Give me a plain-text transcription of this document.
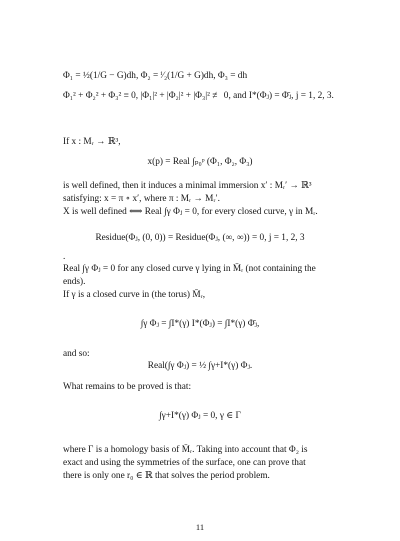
Φ₁ = ½(1/G − G)dh, Φ₂ = ⁱ⁄₂(1/G + G)dh, Φ₃ = dh
Φ₁² + Φ₂² + Φ₃² ≡ 0, |Φ₁|² + |Φ₂|² + |Φ₃|² ≢ 0, and I*(Φⱼ) = Φ̄ⱼ, j = 1, 2, 3.
If x : Mᵣ → ℝ³,
x(p) = Real ∫ₚ₀ᵖ (Φ₁, Φ₂, Φ₃)
is well defined, then it induces a minimal immersion x′ : Mᵣ′ → ℝ³
satisfying: x = π ∘ x′, where π : Mᵣ → Mᵣ′.
X is well defined ⟺ Real ∫γ Φⱼ = 0, for every closed curve, γ in Mᵣ.
Residue(Φⱼ, (0, 0)) = Residue(Φⱼ, (∞, ∞)) = 0, j = 1, 2, 3
.
Real ∫γ Φⱼ = 0 for any closed curve γ lying in M̄ᵣ (not containing the
ends).
If γ is a closed curve in (the torus) M̄ᵣ,
∫γ Φⱼ = ∫I*(γ) I*(Φⱼ) = ∫I*(γ) Φ̄ⱼ,
and so:
Real(∫γ Φⱼ) = ½ ∫γ+I*(γ) Φⱼ.
What remains to be proved is that:
∫γ+I*(γ) Φⱼ = 0, γ ∈ Γ
where Γ is a homology basis of M̄ᵣ. Taking into account that Φ₂ is
exact and using the symmetries of the surface, one can prove that
there is only one r₀ ∈ ℝ that solves the period problem.
11
